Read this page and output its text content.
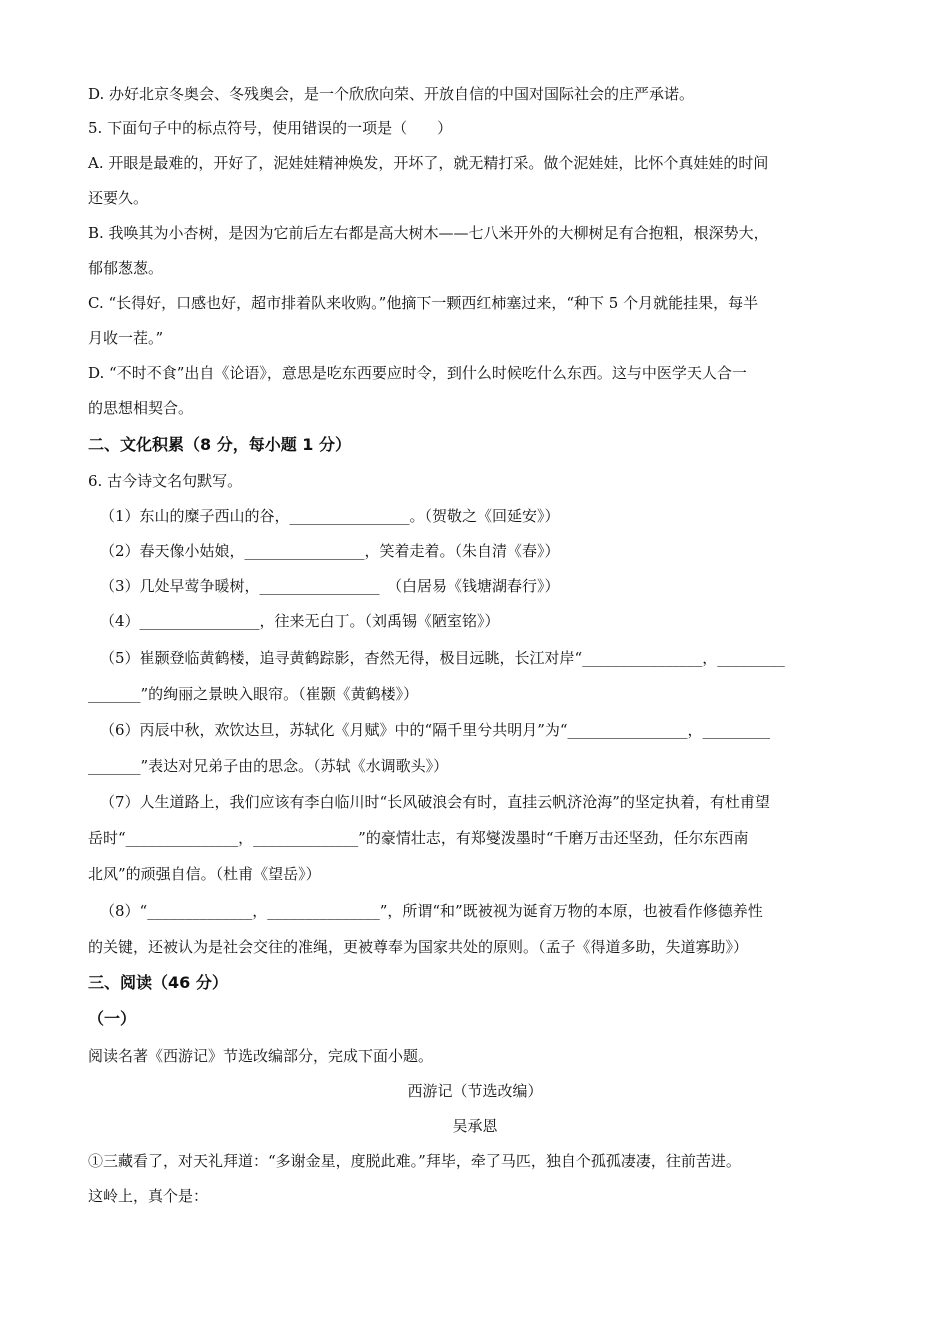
D. 办好北京冬奥会、冬残奥会，是一个欣欣向荣、开放自信的中国对国际社会的庄严承诺。
5. 下面句子中的标点符号，使用错误的一项是（　　）
A. 开眼是最难的，开好了，泥娃娃精神焕发，开坏了，就无精打采。做个泥娃娃，比怀个真娃娃的时间
还要久。
B. 我唤其为小杏树，是因为它前后左右都是高大树木——七八米开外的大柳树足有合抱粗，根深势大，
郁郁葱葱。
C. “长得好，口感也好，超市排着队来收购。”他摘下一颗西红柿塞过来，“种下 5 个月就能挂果，每半
月收一茬。”
D. “不时不食”出自《论语》，意思是吃东西要应时令，到什么时候吃什么东西。这与中医学天人合一
的思想相契合。
二、文化积累（8 分，每小题 1 分）
6. 古今诗文名句默写。
（1）东山的糜子西山的谷，________________。（贺敬之《回延安》）
（2）春天像小姑娘，________________，笑着走着。（朱自清《春》）
（3）几处早莺争暖树，________________　（白居易《钱塘湖春行》）
（4）________________，往来无白丁。（刘禹锡《陋室铭》）
（5）崔颢登临黄鹤楼，追寻黄鹤踪影，杳然无得，极目远眺，长江对岸“________________，_________
_______”的绚丽之景映入眼帘。（崔颢《黄鹤楼》）
（6）丙辰中秋，欢饮达旦，苏轼化《月赋》中的“隔千里兮共明月”为“________________，_________
_______”表达对兄弟子由的思念。（苏轼《水调歌头》）
（7）人生道路上，我们应该有李白临川时“长风破浪会有时，直挂云帆济沧海”的坚定执着，有杜甫望
岳时“_______________，______________”的豪情壮志，有郑燮泼墨时“千磨万击还坚劲，任尔东西南
北风”的顽强自信。（杜甫《望岳》）
（8）“______________，_______________”，所谓“和”既被视为诞育万物的本原，也被看作修德养性
的关键，还被认为是社会交往的准绳，更被尊奉为国家共处的原则。（孟子《得道多助，失道寡助》）
三、阅读（46 分）
（一）
阅读名著《西游记》节选改编部分，完成下面小题。
西游记（节选改编）
吴承恩
①三藏看了，对天礼拜道：“多谢金星，度脱此难。”拜毕，牵了马匹，独自个孤孤凄凄，往前苦进。
这岭上，真个是：
